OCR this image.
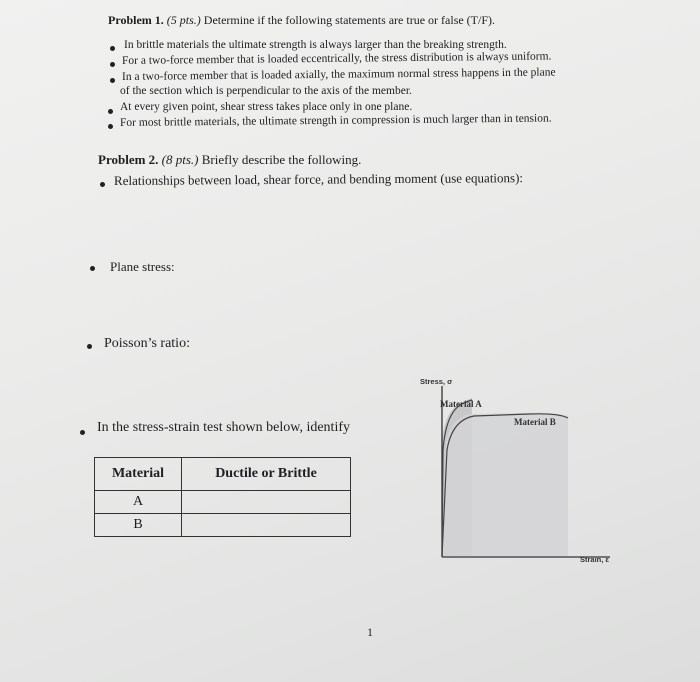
Problem 1. (5 pts.) Determine if the following statements are true or false (T/F).
In brittle materials the ultimate strength is always larger than the breaking strength.
For a two-force member that is loaded eccentrically, the stress distribution is always uniform.
In a two-force member that is loaded axially, the maximum normal stress happens in the plane
of the section which is perpendicular to the axis of the member.
At every given point, shear stress takes place only in one plane.
For most brittle materials, the ultimate strength in compression is much larger than in tension.
Problem 2. (8 pts.) Briefly describe the following.
Relationships between load, shear force, and bending moment (use equations):
Plane stress:
Poisson’s ratio:
In the stress-strain test shown below, identify
Material	Ductile or Brittle
A	
B	
Stress, σ
Strain, ε
Material A
Material B
1
